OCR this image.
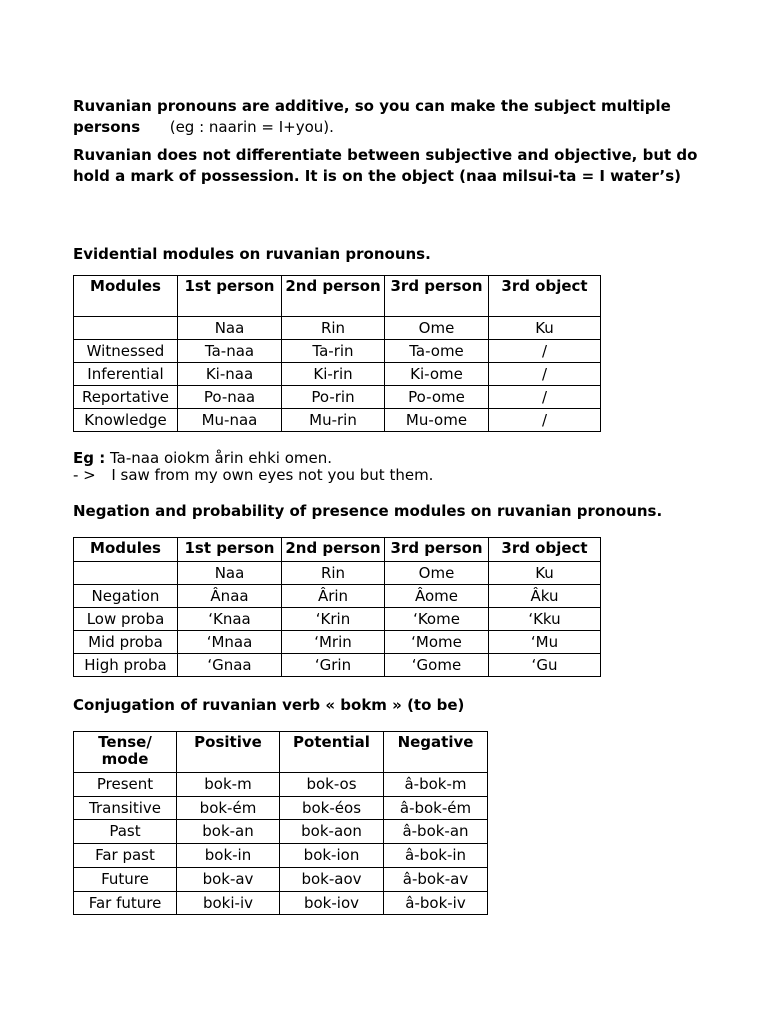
Ruvanian pronouns are additive, so you can make the subject multiple persons (eg : naarin = I+you).
Ruvanian does not differentiate between subjective and objective, but do hold a mark of possession. It is on the object (naa milsui-ta = I water’s)
Evidential modules on ruvanian pronouns.
Modules	1st person	2nd person	3rd person	3rd object
	Naa	Rin	Ome	Ku
Witnessed	Ta-naa	Ta-rin	Ta-ome	/
Inferential	Ki-naa	Ki-rin	Ki-ome	/
Reportative	Po-naa	Po-rin	Po-ome	/
Knowledge	Mu-naa	Mu-rin	Mu-ome	/
Eg : Ta-naa oiokm årin ehki omen.
- > I saw from my own eyes not you but them.
Negation and probability of presence modules on ruvanian pronouns.
Modules	1st person	2nd person	3rd person	3rd object
	Naa	Rin	Ome	Ku
Negation	Ânaa	Ârin	Âome	Âku
Low proba	‘Knaa	‘Krin	‘Kome	‘Kku
Mid proba	‘Mnaa	‘Mrin	‘Mome	‘Mu
High proba	‘Gnaa	‘Grin	‘Gome	‘Gu
Conjugation of ruvanian verb « bokm » (to be)
Tense/ mode	Positive	Potential	Negative
Present	bok-m	bok-os	â-bok-m
Transitive	bok-ém	bok-éos	â-bok-ém
Past	bok-an	bok-aon	â-bok-an
Far past	bok-in	bok-ion	â-bok-in
Future	bok-av	bok-aov	â-bok-av
Far future	boki-iv	bok-iov	â-bok-iv
